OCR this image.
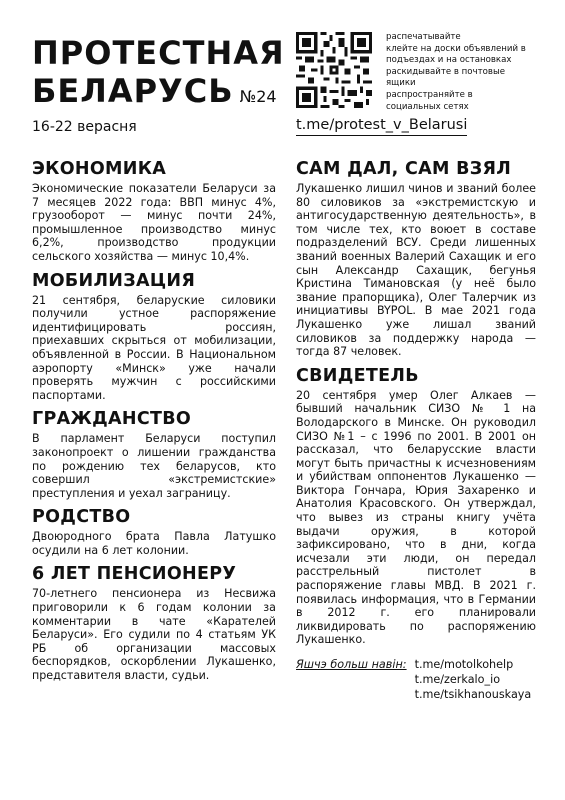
ПРОТЕСТНАЯ
БЕЛАРУСЬ №24
16-22 верасня
распечатывайте
клейте на доски объявлений в
подъездах и на остановках
раскидывайте в почтовые
ящики
распространяйте в
социальных сетях
t.me/protest_v_Belarusi
ЭКОНОМИКА

Экономические показатели Беларуси за 7 месяцев 2022 года: ВВП минус 4%, грузооборот — минус почти 24%, промышленное производство минус 6,2%, производство продукции сельского хозяйства — минус 10,4%.

МОБИЛИЗАЦИЯ

21 сентября, беларуские силовики получили устное распоряжение идентифицировать россиян, приехавших скрыться от мобилизации, объявленной в России. В Национальном аэропорту «Минск» уже начали проверять мужчин с российскими паспортами.

ГРАЖДАНСТВО

В парламент Беларуси поступил законопроект о лишении гражданства по рождению тех беларусов, кто совершил «экстремистские» преступления и уехал заграницу.

РОДСТВО

Двоюродного брата Павла Латушко осудили на 6 лет колонии.

6 ЛЕТ ПЕНСИОНЕРУ

70-летнего пенсионера из Несвижа приговорили к 6 годам колонии за комментарии в чате «Карателей Беларуси». Его судили по 4 статьям УК РБ об организации массовых беспорядков, оскорблении Лукашенко, представителя власти, судьи.

САМ ДАЛ, САМ ВЗЯЛ

Лукашенко лишил чинов и званий более 80 силовиков за «экстремистскую и антигосударственную деятельность», в том числе тех, кто воюет в составе подразделений ВСУ. Среди лишенных званий военных Валерий Сахащик и его сын Александр Сахащик, бегунья Кристина Тимановская (у неё было звание прапорщика), Олег Талерчик из инициативы BYPOL. В мае 2021 года Лукашенко уже лишал званий силовиков за поддержку народа — тогда 87 человек.

СВИДЕТЕЛЬ

20 сентября умер Олег Алкаев — бывший начальник СИЗО № 1 на Володарского в Минске. Он руководил СИЗО №1 – с 1996 по 2001. В 2001 он рассказал, что беларусские власти могут быть причастны к исчезновениям и убийствам оппонентов Лукашенко — Виктора Гончара, Юрия Захаренко и Анатолия Красовского. Он утверждал, что вывез из страны книгу учёта выдачи оружия, в которой зафиксировано, что в дни, когда исчезали эти люди, он передал расстрельный пистолет в распоряжение главы МВД. В 2021 г. появилась информация, что в Германии в 2012 г. его планировали ликвидировать по распоряжению Лукашенко.

Яшчэ больш навін: t.me/motolkohelp
t.me/zerkalo_io
t.me/tsikhanouskaya
